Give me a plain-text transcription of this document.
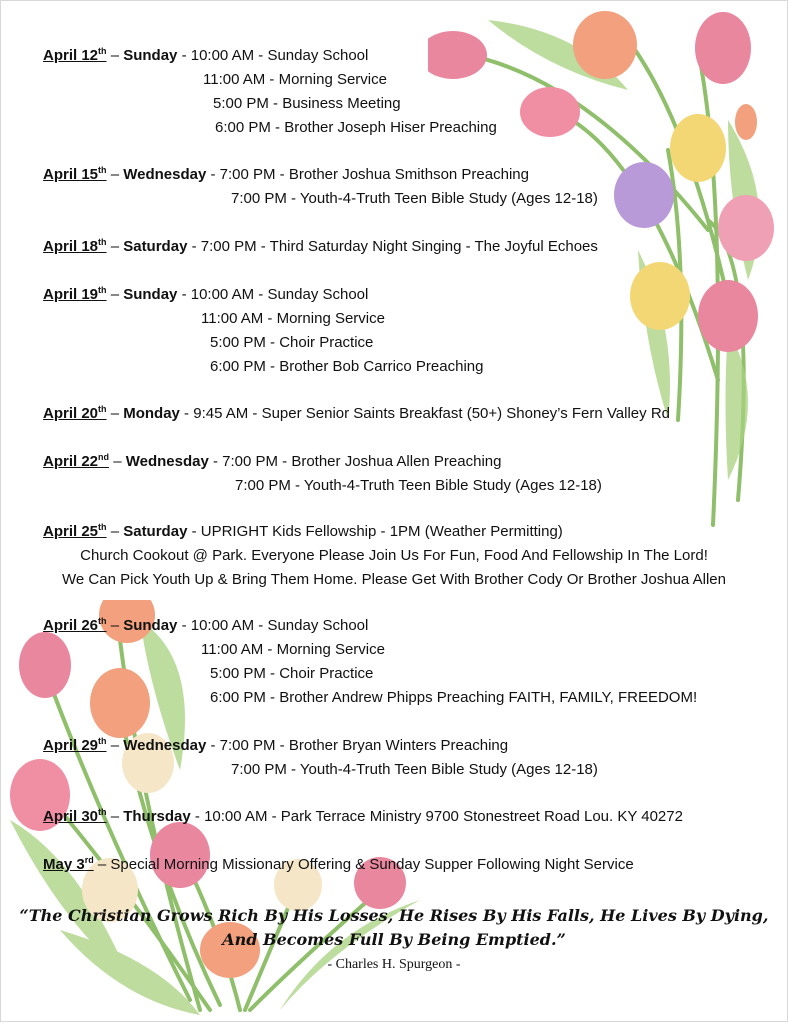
April 12th – Sunday - 10:00 AM - Sunday School
11:00 AM - Morning Service
5:00 PM - Business Meeting
6:00 PM - Brother Joseph Hiser Preaching
April 15th – Wednesday - 7:00 PM - Brother Joshua Smithson Preaching
7:00 PM - Youth-4-Truth Teen Bible Study (Ages 12-18)
April 18th – Saturday - 7:00 PM - Third Saturday Night Singing - The Joyful Echoes
April 19th – Sunday - 10:00 AM - Sunday School
11:00 AM - Morning Service
5:00 PM - Choir Practice
6:00 PM - Brother Bob Carrico Preaching
April 20th – Monday - 9:45 AM - Super Senior Saints Breakfast (50+) Shoney’s Fern Valley Rd
April 22nd – Wednesday - 7:00 PM - Brother Joshua Allen Preaching
7:00 PM - Youth-4-Truth Teen Bible Study (Ages 12-18)
April 25th – Saturday - UPRIGHT Kids Fellowship - 1PM (Weather Permitting)
Church Cookout @ Park. Everyone Please Join Us For Fun, Food And Fellowship In The Lord!
We Can Pick Youth Up & Bring Them Home. Please Get With Brother Cody Or Brother Joshua Allen
April 26th – Sunday - 10:00 AM - Sunday School
11:00 AM - Morning Service
5:00 PM - Choir Practice
6:00 PM - Brother Andrew Phipps Preaching FAITH, FAMILY, FREEDOM!
April 29th – Wednesday - 7:00 PM - Brother Bryan Winters Preaching
7:00 PM - Youth-4-Truth Teen Bible Study (Ages 12-18)
April 30th – Thursday - 10:00 AM - Park Terrace Ministry 9700 Stonestreet Road Lou. KY 40272
May 3rd – Special Morning Missionary Offering & Sunday Supper Following Night Service
“The Christian Grows Rich By His Losses, He Rises By His Falls, He Lives By Dying,
And Becomes Full By Being Emptied.”
- Charles H. Spurgeon -
